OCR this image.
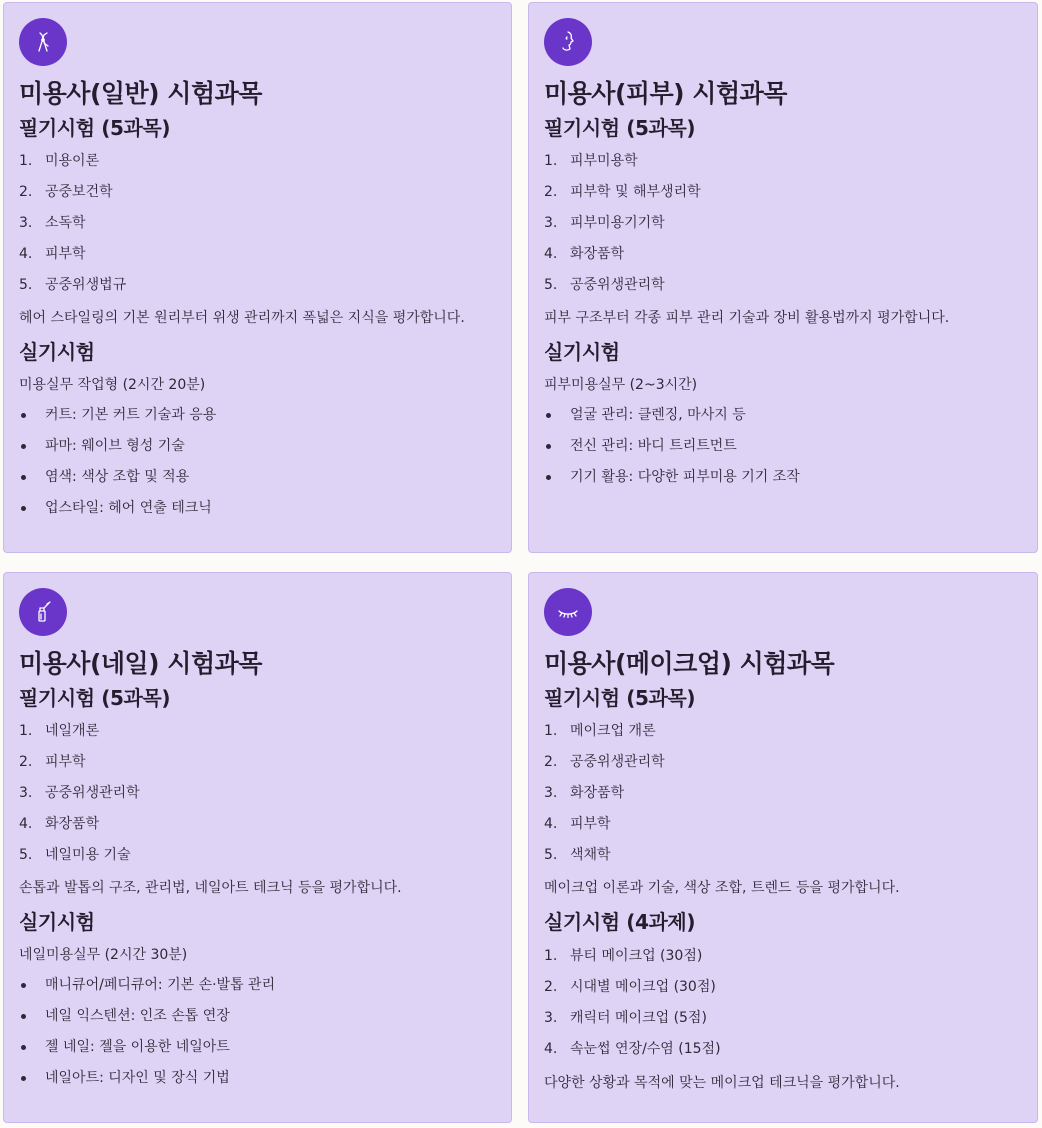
미용사(일반) 시험과목
필기시험 (5과목)
1. 미용이론
2. 공중보건학
3. 소독학
4. 피부학
5. 공중위생법규
헤어 스타일링의 기본 원리부터 위생 관리까지 폭넓은 지식을 평가합니다.
실기시험
미용실무 작업형 (2시간 20분)
커트: 기본 커트 기술과 응용
파마: 웨이브 형성 기술
염색: 색상 조합 및 적용
업스타일: 헤어 연출 테크닉
미용사(피부) 시험과목
필기시험 (5과목)
1. 피부미용학
2. 피부학 및 해부생리학
3. 피부미용기기학
4. 화장품학
5. 공중위생관리학
피부 구조부터 각종 피부 관리 기술과 장비 활용법까지 평가합니다.
실기시험
피부미용실무 (2~3시간)
얼굴 관리: 클렌징, 마사지 등
전신 관리: 바디 트리트먼트
기기 활용: 다양한 피부미용 기기 조작
미용사(네일) 시험과목
필기시험 (5과목)
1. 네일개론
2. 피부학
3. 공중위생관리학
4. 화장품학
5. 네일미용 기술
손톱과 발톱의 구조, 관리법, 네일아트 테크닉 등을 평가합니다.
실기시험
네일미용실무 (2시간 30분)
매니큐어/페디큐어: 기본 손·발톱 관리
네일 익스텐션: 인조 손톱 연장
젤 네일: 젤을 이용한 네일아트
네일아트: 디자인 및 장식 기법
미용사(메이크업) 시험과목
필기시험 (5과목)
1. 메이크업 개론
2. 공중위생관리학
3. 화장품학
4. 피부학
5. 색채학
메이크업 이론과 기술, 색상 조합, 트렌드 등을 평가합니다.
실기시험 (4과제)
1. 뷰티 메이크업 (30점)
2. 시대별 메이크업 (30점)
3. 캐릭터 메이크업 (5점)
4. 속눈썹 연장/수염 (15점)
다양한 상황과 목적에 맞는 메이크업 테크닉을 평가합니다.
